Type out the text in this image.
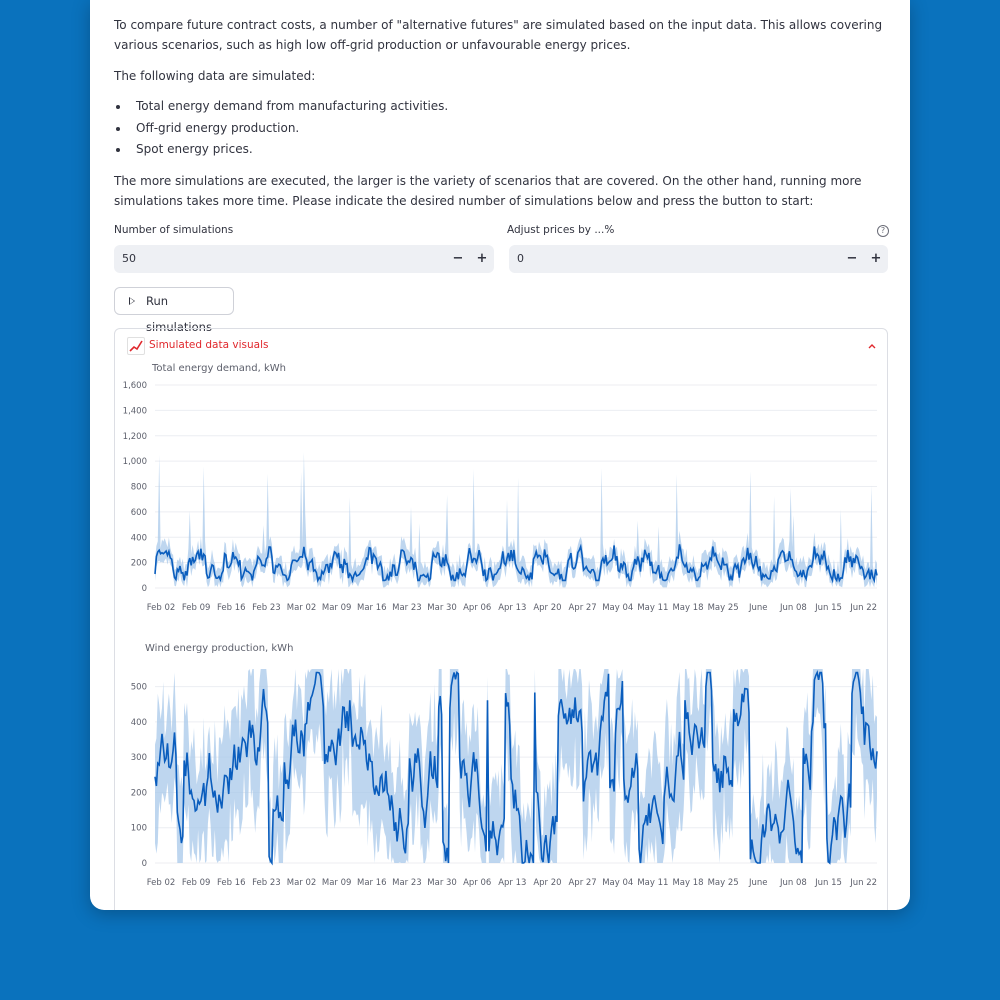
To compare future contract costs, a number of "alternative futures" are simulated based on the input data. This allows covering various scenarios, such as high low off-grid production or unfavourable energy prices.

The following data are simulated:

Total energy demand from manufacturing activities.
Off-grid energy production.
Spot energy prices.

The more simulations are executed, the larger is the variety of scenarios that are covered. On the other hand, running more simulations takes more time. Please indicate the desired number of simulations below and press the button to start:

Number of simulations	Adjust prices by ...%	?
50	−	+	0	−	+
Run simulations
Simulated data visuals
Total energy demand, kWh
0
200
400
600
800
1,000
1,200
1,400
1,600
Feb 02 Feb 09 Feb 16 Feb 23 Mar 02 Mar 09 Mar 16 Mar 23 Mar 30 Apr 06 Apr 13 Apr 20 Apr 27 May 04 May 11 May 18 May 25 June Jun 08 Jun 15 Jun 22
Wind energy production, kWh
0
100
200
300
400
500
Feb 02 Feb 09 Feb 16 Feb 23 Mar 02 Mar 09 Mar 16 Mar 23 Mar 30 Apr 06 Apr 13 Apr 20 Apr 27 May 04 May 11 May 18 May 25 June Jun 08 Jun 15 Jun 22
